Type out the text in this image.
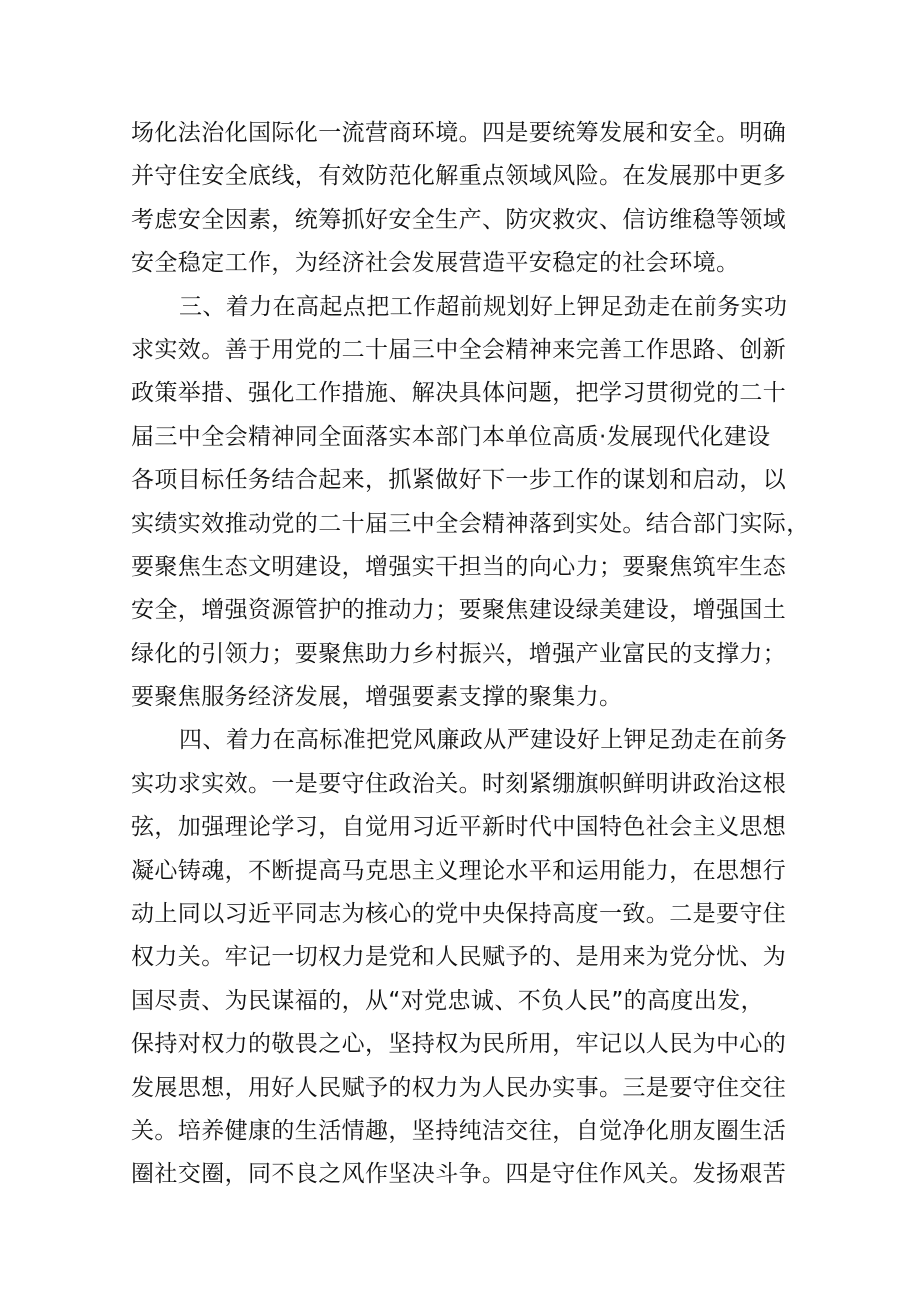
场化法治化国际化一流营商环境。四是要统筹发展和安全。明确
并守住安全底线，有效防范化解重点领域风险。在发展那中更多
考虑安全因素，统筹抓好安全生产、防灾救灾、信访维稳等领域
安全稳定工作，为经济社会发展营造平安稳定的社会环境。
三、着力在高起点把工作超前规划好上钾足劲走在前务实功
求实效。善于用党的二十届三中全会精神来完善工作思路、创新
政策举措、强化工作措施、解决具体问题，把学习贯彻党的二十
届三中全会精神同全面落实本部门本单位高质·发展现代化建设
各项目标任务结合起来，抓紧做好下一步工作的谋划和启动，以
实绩实效推动党的二十届三中全会精神落到实处。结合部门实际，
要聚焦生态文明建设，增强实干担当的向心力；要聚焦筑牢生态
安全，增强资源管护的推动力；要聚焦建设绿美建设，增强国土
绿化的引领力；要聚焦助力乡村振兴，增强产业富民的支撑力；
要聚焦服务经济发展，增强要素支撑的聚集力。
四、着力在高标准把党风廉政从严建设好上钾足劲走在前务
实功求实效。一是要守住政治关。时刻紧绷旗帜鲜明讲政治这根
弦，加强理论学习，自觉用习近平新时代中国特色社会主义思想
凝心铸魂，不断提高马克思主义理论水平和运用能力，在思想行
动上同以习近平同志为核心的党中央保持高度一致。二是要守住
权力关。牢记一切权力是党和人民赋予的、是用来为党分忧、为
国尽责、为民谋福的，从“对党忠诚、不负人民”的高度出发，
保持对权力的敬畏之心，坚持权为民所用，牢记以人民为中心的
发展思想，用好人民赋予的权力为人民办实事。三是要守住交往
关。培养健康的生活情趣，坚持纯洁交往，自觉净化朋友圈生活
圈社交圈，同不良之风作坚决斗争。四是守住作风关。发扬艰苦
